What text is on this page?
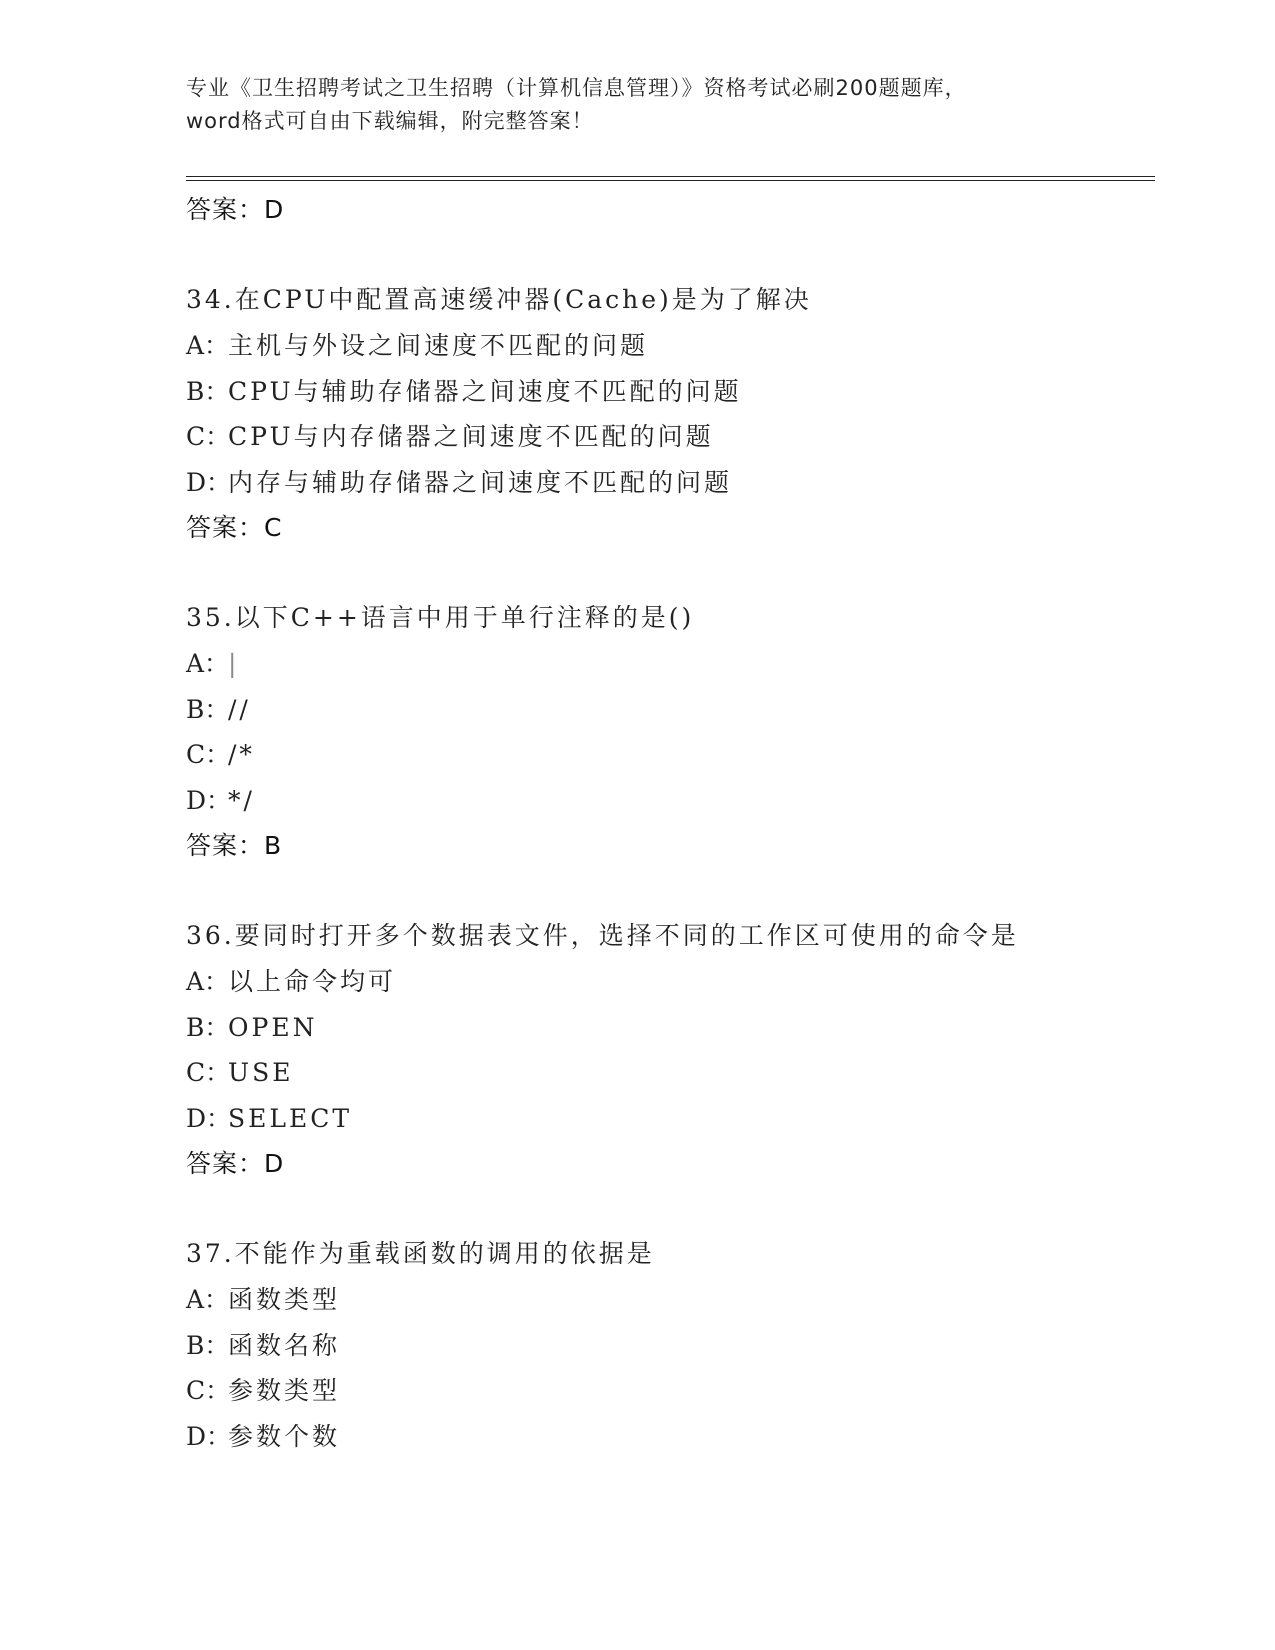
专业《卫生招聘考试之卫生招聘（计算机信息管理）》资格考试必刷200题题库，
word格式可自由下载编辑，附完整答案！
答案：D
34.在CPU中配置高速缓冲器(Cache)是为了解决
A：主机与外设之间速度不匹配的问题
B：CPU与辅助存储器之间速度不匹配的问题
C：CPU与内存储器之间速度不匹配的问题
D：内存与辅助存储器之间速度不匹配的问题
答案：C
35.以下C++语言中用于单行注释的是()
A：|
B：//
C：/*
D：*/
答案：B
36.要同时打开多个数据表文件，选择不同的工作区可使用的命令是
A：以上命令均可
B：OPEN
C：USE
D：SELECT
答案：D
37.不能作为重载函数的调用的依据是
A：函数类型
B：函数名称
C：参数类型
D：参数个数
